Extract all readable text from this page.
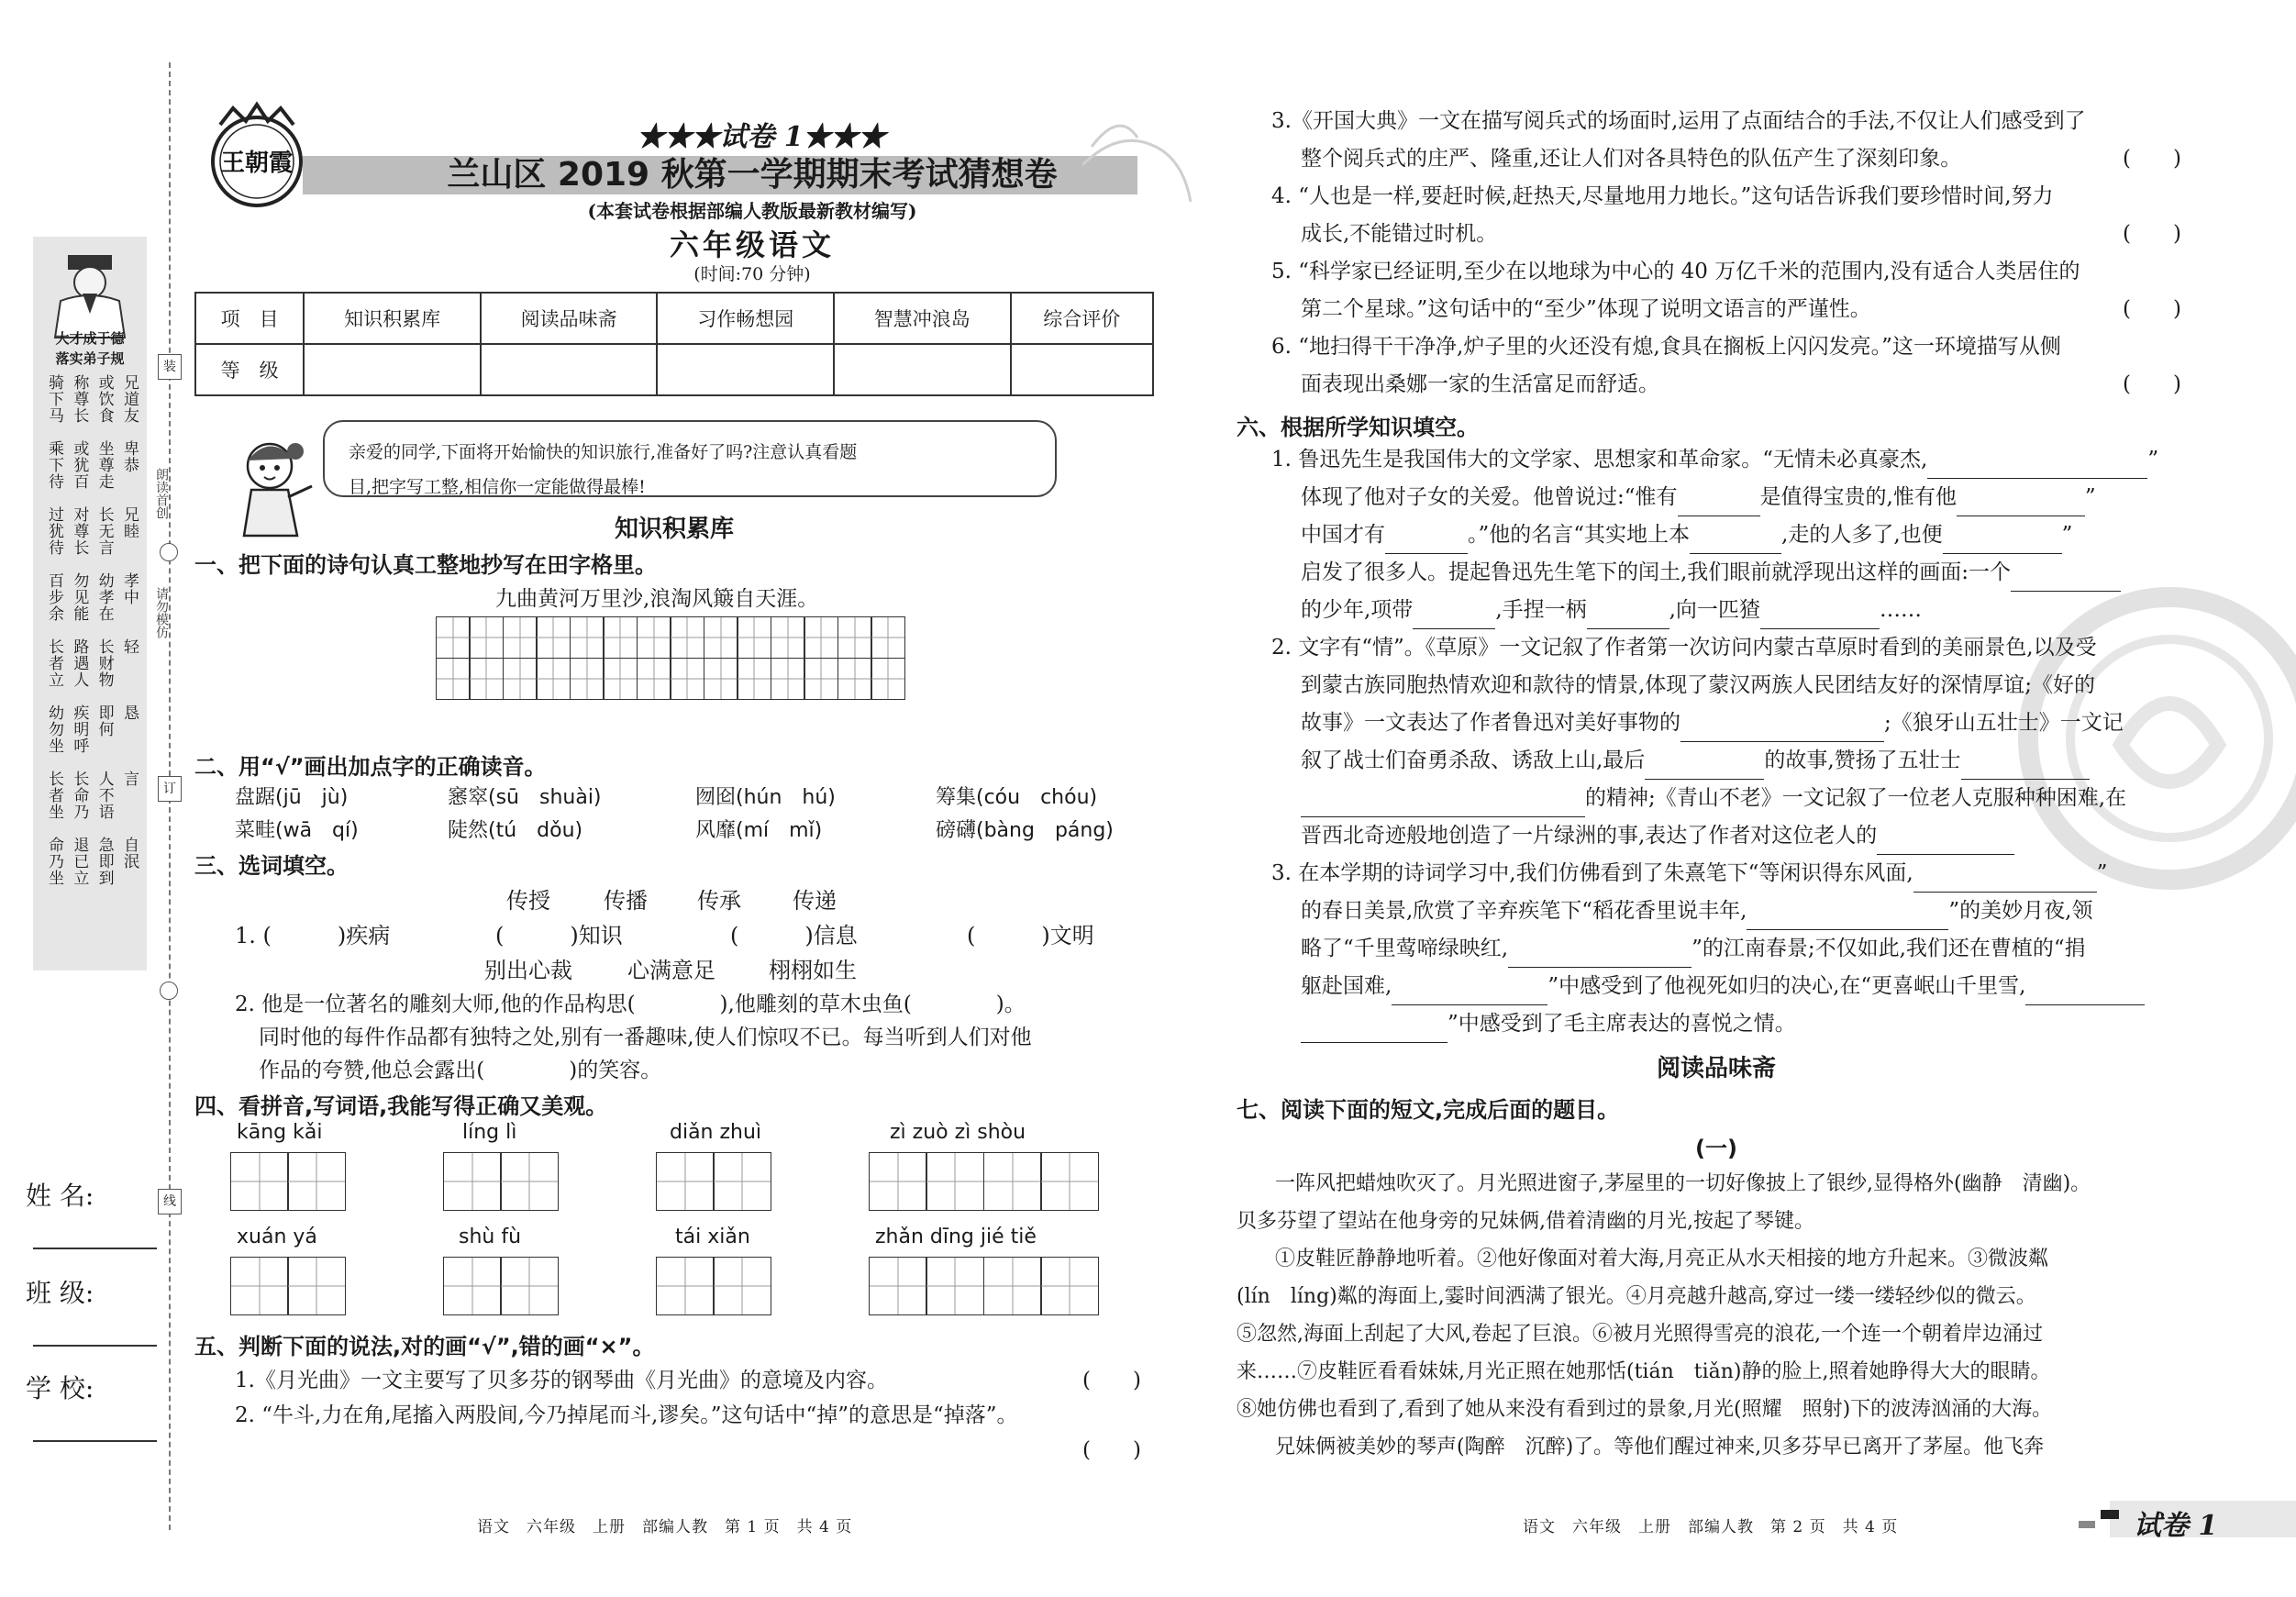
装
订
线
朗读首创
请勿模仿
大才成于德
落实弟子规
骑下马 称尊长 或饮食 兄道友
乘下待 或犹百 坐尊走 卑恭
过犹待 对尊长 长无言 兄睦
百步余 勿见能 幼孝在 孝中
长者立 路遇人 长财物 轻
幼勿坐 疾明呼 即何 恳
长者坐 长命乃 人不语 言
命乃坐 退已立 急即到 自泯
姓 名:
班 级:
学 校:
王朝霞
★★★试卷 1★★★
兰山区 2019 秋第一学期期末考试猜想卷
(本套试卷根据部编人教版最新教材编写)
六年级语文
(时间:70 分钟)
项　目	知识积累库	阅读品味斋	习作畅想园	智慧冲浪岛	综合评价
等　级					
亲爱的同学,下面将开始愉快的知识旅行,准备好了吗?注意认真看题
目,把字写工整,相信你一定能做得最棒!
知识积累库
一、把下面的诗句认真工整地抄写在田字格里。
九曲黄河万里沙,浪淘风簸自天涯。
二、用“√”画出加点字的正确读音。
盘踞(jū　jù)	窸窣(sū　shuài)	囫囵(hún　hú)	筹集(cóu　chóu)
菜畦(wā　qí)	陡然(tú　dǒu)	风靡(mí　mǐ)	磅礴(bàng　páng)
三、选词填空。
传授 传播 传承 传递
1. (　　　)疾病	(　　　)知识	(　　　)信息	(　　　)文明
别出心裁	心满意足 栩栩如生
2. 他是一位著名的雕刻大师,他的作品构思(　　　　),他雕刻的草木虫鱼(　　　　)。
同时他的每件作品都有独特之处,别有一番趣味,使人们惊叹不已。每当听到人们对他
作品的夸赞,他总会露出(　　　　)的笑容。
四、看拼音,写词语,我能写得正确又美观。
kāng kǎi	líng lì	diǎn zhuì	zì zuò zì shòu
xuán yá	shù fù	tái xiǎn	zhǎn dīng jié tiě
五、判断下面的说法,对的画“√”,错的画“×”。
1.《月光曲》一文主要写了贝多芬的钢琴曲《月光曲》的意境及内容。	(　　)
2. “牛斗,力在角,尾搐入两股间,今乃掉尾而斗,谬矣。”这句话中“掉”的意思是“掉落”。
(　　)
语文　六年级　上册　部编人教　第 1 页　共 4 页
3.《开国大典》一文在描写阅兵式的场面时,运用了点面结合的手法,不仅让人们感受到了
整个阅兵式的庄严、隆重,还让人们对各具特色的队伍产生了深刻印象。	(　　)
4. “人也是一样,要赶时候,赶热天,尽量地用力地长。”这句话告诉我们要珍惜时间,努力
成长,不能错过时机。	(　　)
5. “科学家已经证明,至少在以地球为中心的 40 万亿千米的范围内,没有适合人类居住的
第二个星球。”这句话中的“至少”体现了说明文语言的严谨性。	(　　)
6. “地扫得干干净净,炉子里的火还没有熄,食具在搁板上闪闪发亮。”这一环境描写从侧
面表现出桑娜一家的生活富足而舒适。	(　　)
六、根据所学知识填空。
1. 鲁迅先生是我国伟大的文学家、思想家和革命家。“无情未必真豪杰,	”
体现了他对子女的关爱。他曾说过:“惟有	是值得宝贵的,惟有他	”
中国才有	。”他的名言“其实地上本	,走的人多了,也便	”
启发了很多人。提起鲁迅先生笔下的闰土,我们眼前就浮现出这样的画面:一个
的少年,项带	,手捏一柄	,向一匹猹	……
2. 文字有“情”。《草原》一文记叙了作者第一次访问内蒙古草原时看到的美丽景色,以及受
到蒙古族同胞热情欢迎和款待的情景,体现了蒙汉两族人民团结友好的深情厚谊;《好的
故事》一文表达了作者鲁迅对美好事物的	;《狼牙山五壮士》一文记
叙了战士们奋勇杀敌、诱敌上山,最后	的故事,赞扬了五壮士
的精神;《青山不老》一文记叙了一位老人克服种种困难,在
晋西北奇迹般地创造了一片绿洲的事,表达了作者对这位老人的
3. 在本学期的诗词学习中,我们仿佛看到了朱熹笔下“等闲识得东风面,	”
的春日美景,欣赏了辛弃疾笔下“稻花香里说丰年,	”的美妙月夜,领
略了“千里莺啼绿映红,	”的江南春景;不仅如此,我们还在曹植的“捐
躯赴国难,	”中感受到了他视死如归的决心,在“更喜岷山千里雪,
”中感受到了毛主席表达的喜悦之情。
阅读品味斋
七、阅读下面的短文,完成后面的题目。
(一)
一阵风把蜡烛吹灭了。月光照进窗子,茅屋里的一切好像披上了银纱,显得格外(幽静　清幽)。
贝多芬望了望站在他身旁的兄妹俩,借着清幽的月光,按起了琴键。
①皮鞋匠静静地听着。②他好像面对着大海,月亮正从水天相接的地方升起来。③微波粼
(lín　líng)粼的海面上,霎时间洒满了银光。④月亮越升越高,穿过一缕一缕轻纱似的微云。
⑤忽然,海面上刮起了大风,卷起了巨浪。⑥被月光照得雪亮的浪花,一个连一个朝着岸边涌过
来……⑦皮鞋匠看看妹妹,月光正照在她那恬(tián　tiǎn)静的脸上,照着她睁得大大的眼睛。
⑧她仿佛也看到了,看到了她从来没有看到过的景象,月光(照耀　照射)下的波涛汹涌的大海。
兄妹俩被美妙的琴声(陶醉　沉醉)了。等他们醒过神来,贝多芬早已离开了茅屋。他飞奔
语文　六年级　上册　部编人教　第 2 页　共 4 页	试卷 1
